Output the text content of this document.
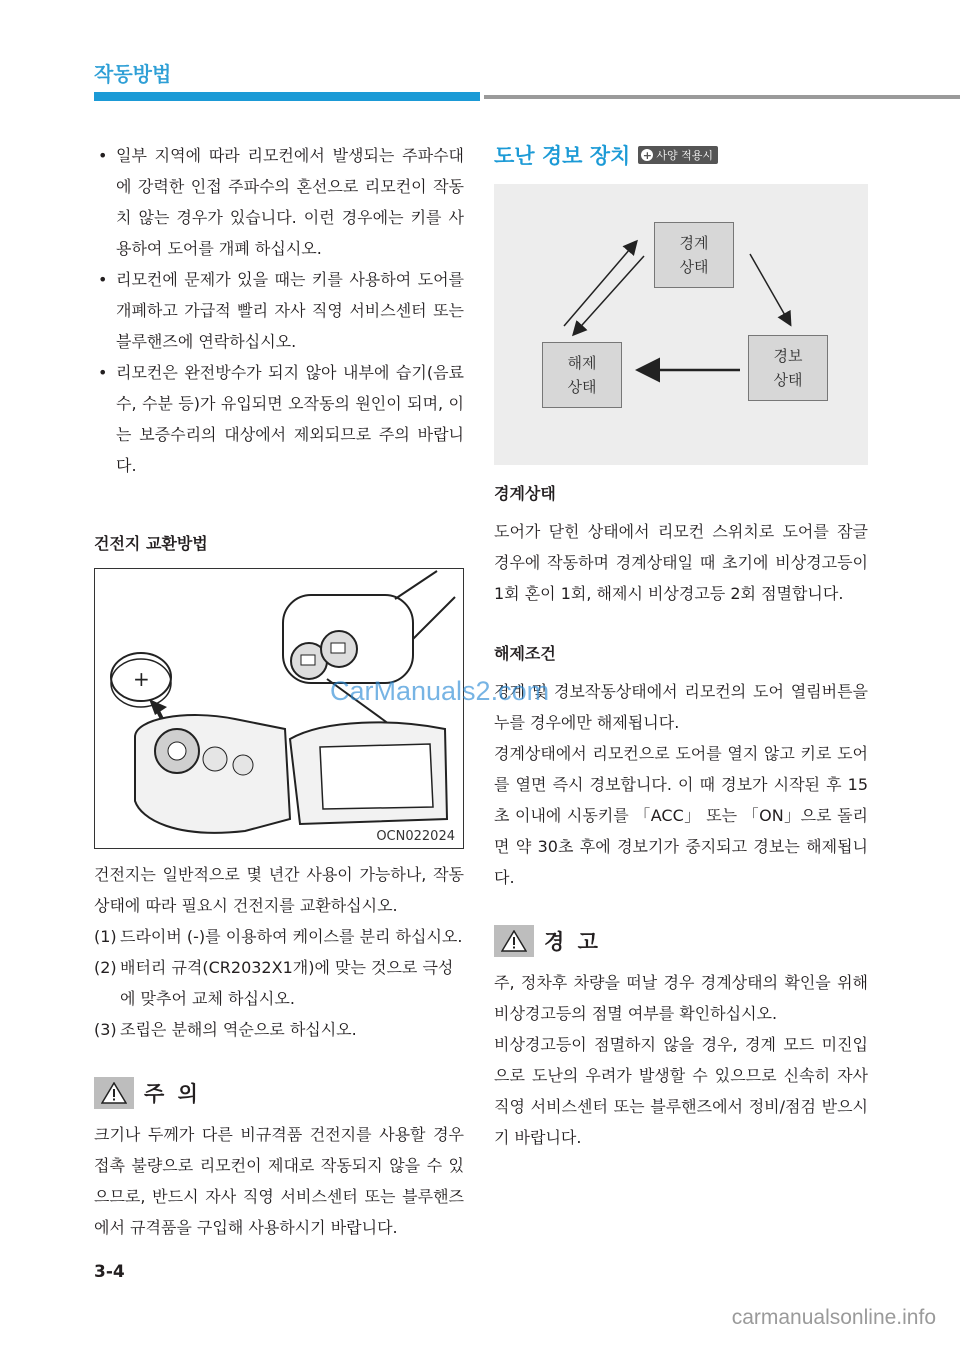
작동방법
• 일부 지역에 따라 리모컨에서 발생되는 주파수대에 강력한 인접 주파수의 혼선으로 리모컨이 작동치 않는 경우가 있습니다. 이런 경우에는 키를 사용하여 도어를 개폐 하십시오.
• 리모컨에 문제가 있을 때는 키를 사용하여 도어를 개폐하고 가급적 빨리 자사 직영 서비스센터 또는 블루핸즈에 연락하십시오.
• 리모컨은 완전방수가 되지 않아 내부에 습기(음료수, 수분 등)가 유입되면 오작동의 원인이 되며, 이는 보증수리의 대상에서 제외되므로 주의 바랍니다.

건전지 교환방법

+
OCN022024

건전지는 일반적으로 몇 년간 사용이 가능하나, 작동상태에 따라 필요시 건전지를 교환하십시오.

(1) 드라이버 (-)를 이용하여 케이스를 분리 하십시오.
(2) 배터리 규격(CR2032X1개)에 맞는 것으로 극성에 맞추어 교체 하십시오.
(3) 조립은 분해의 역순으로 하십시오.
주 의

크기나 두께가 다른 비규격품 건전지를 사용할 경우 접촉 불량으로 리모컨이 제대로 작동되지 않을 수 있으므로, 반드시 자사 직영 서비스센터 또는 블루핸즈에서 규격품을 구입해 사용하시기 바랍니다.

도난 경보 장치 + 사양 적용시
경계
상태
경보
상태
해제
상태

경계상태

도어가 닫힌 상태에서 리모컨 스위치로 도어를 잠글 경우에 작동하며 경계상태일 때 초기에 비상경고등이 1회 혼이 1회, 해제시 비상경고등 2회 점멸합니다.

해제조건

경계 및 경보작동상태에서 리모컨의 도어 열림버튼을 누를 경우에만 해제됩니다.

경계상태에서 리모컨으로 도어를 열지 않고 키로 도어를 열면 즉시 경보합니다. 이 때 경보가 시작된 후 15초 이내에 시동키를 「ACC」 또는 「ON」으로 돌리면 약 30초 후에 경보기가 중지되고 경보는 해제됩니다.

경 고

주, 정차후 차량을 떠날 경우 경계상태의 확인을 위해 비상경고등의 점멸 여부를 확인하십시오.

비상경고등이 점멸하지 않을 경우, 경계 모드 미진입으로 도난의 우려가 발생할 수 있으므로 신속히 자사 직영 서비스센터 또는 블루핸즈에서 정비/점검 받으시기 바랍니다.

CarManuals2.com
3-4
carmanualsonline.info
